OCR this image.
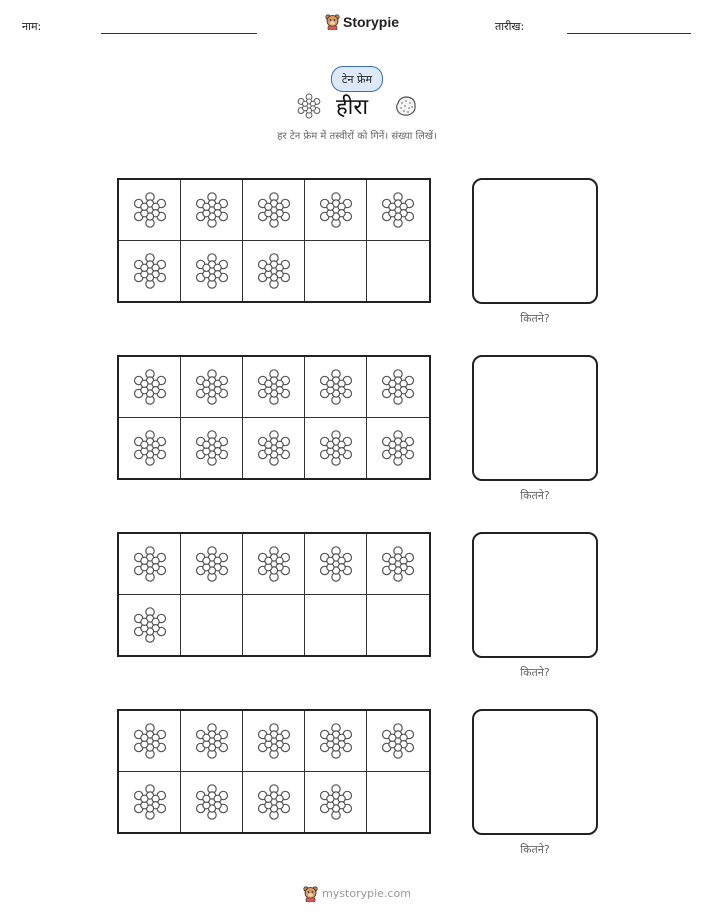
नाम:	Storypie	तारीख:
टेन फ्रेम
हीरा
हर टेन फ्रेम में तस्वीरों को गिनें। संख्या लिखें।
कितने?
कितने?
कितने?
कितने?
mystorypie.com
